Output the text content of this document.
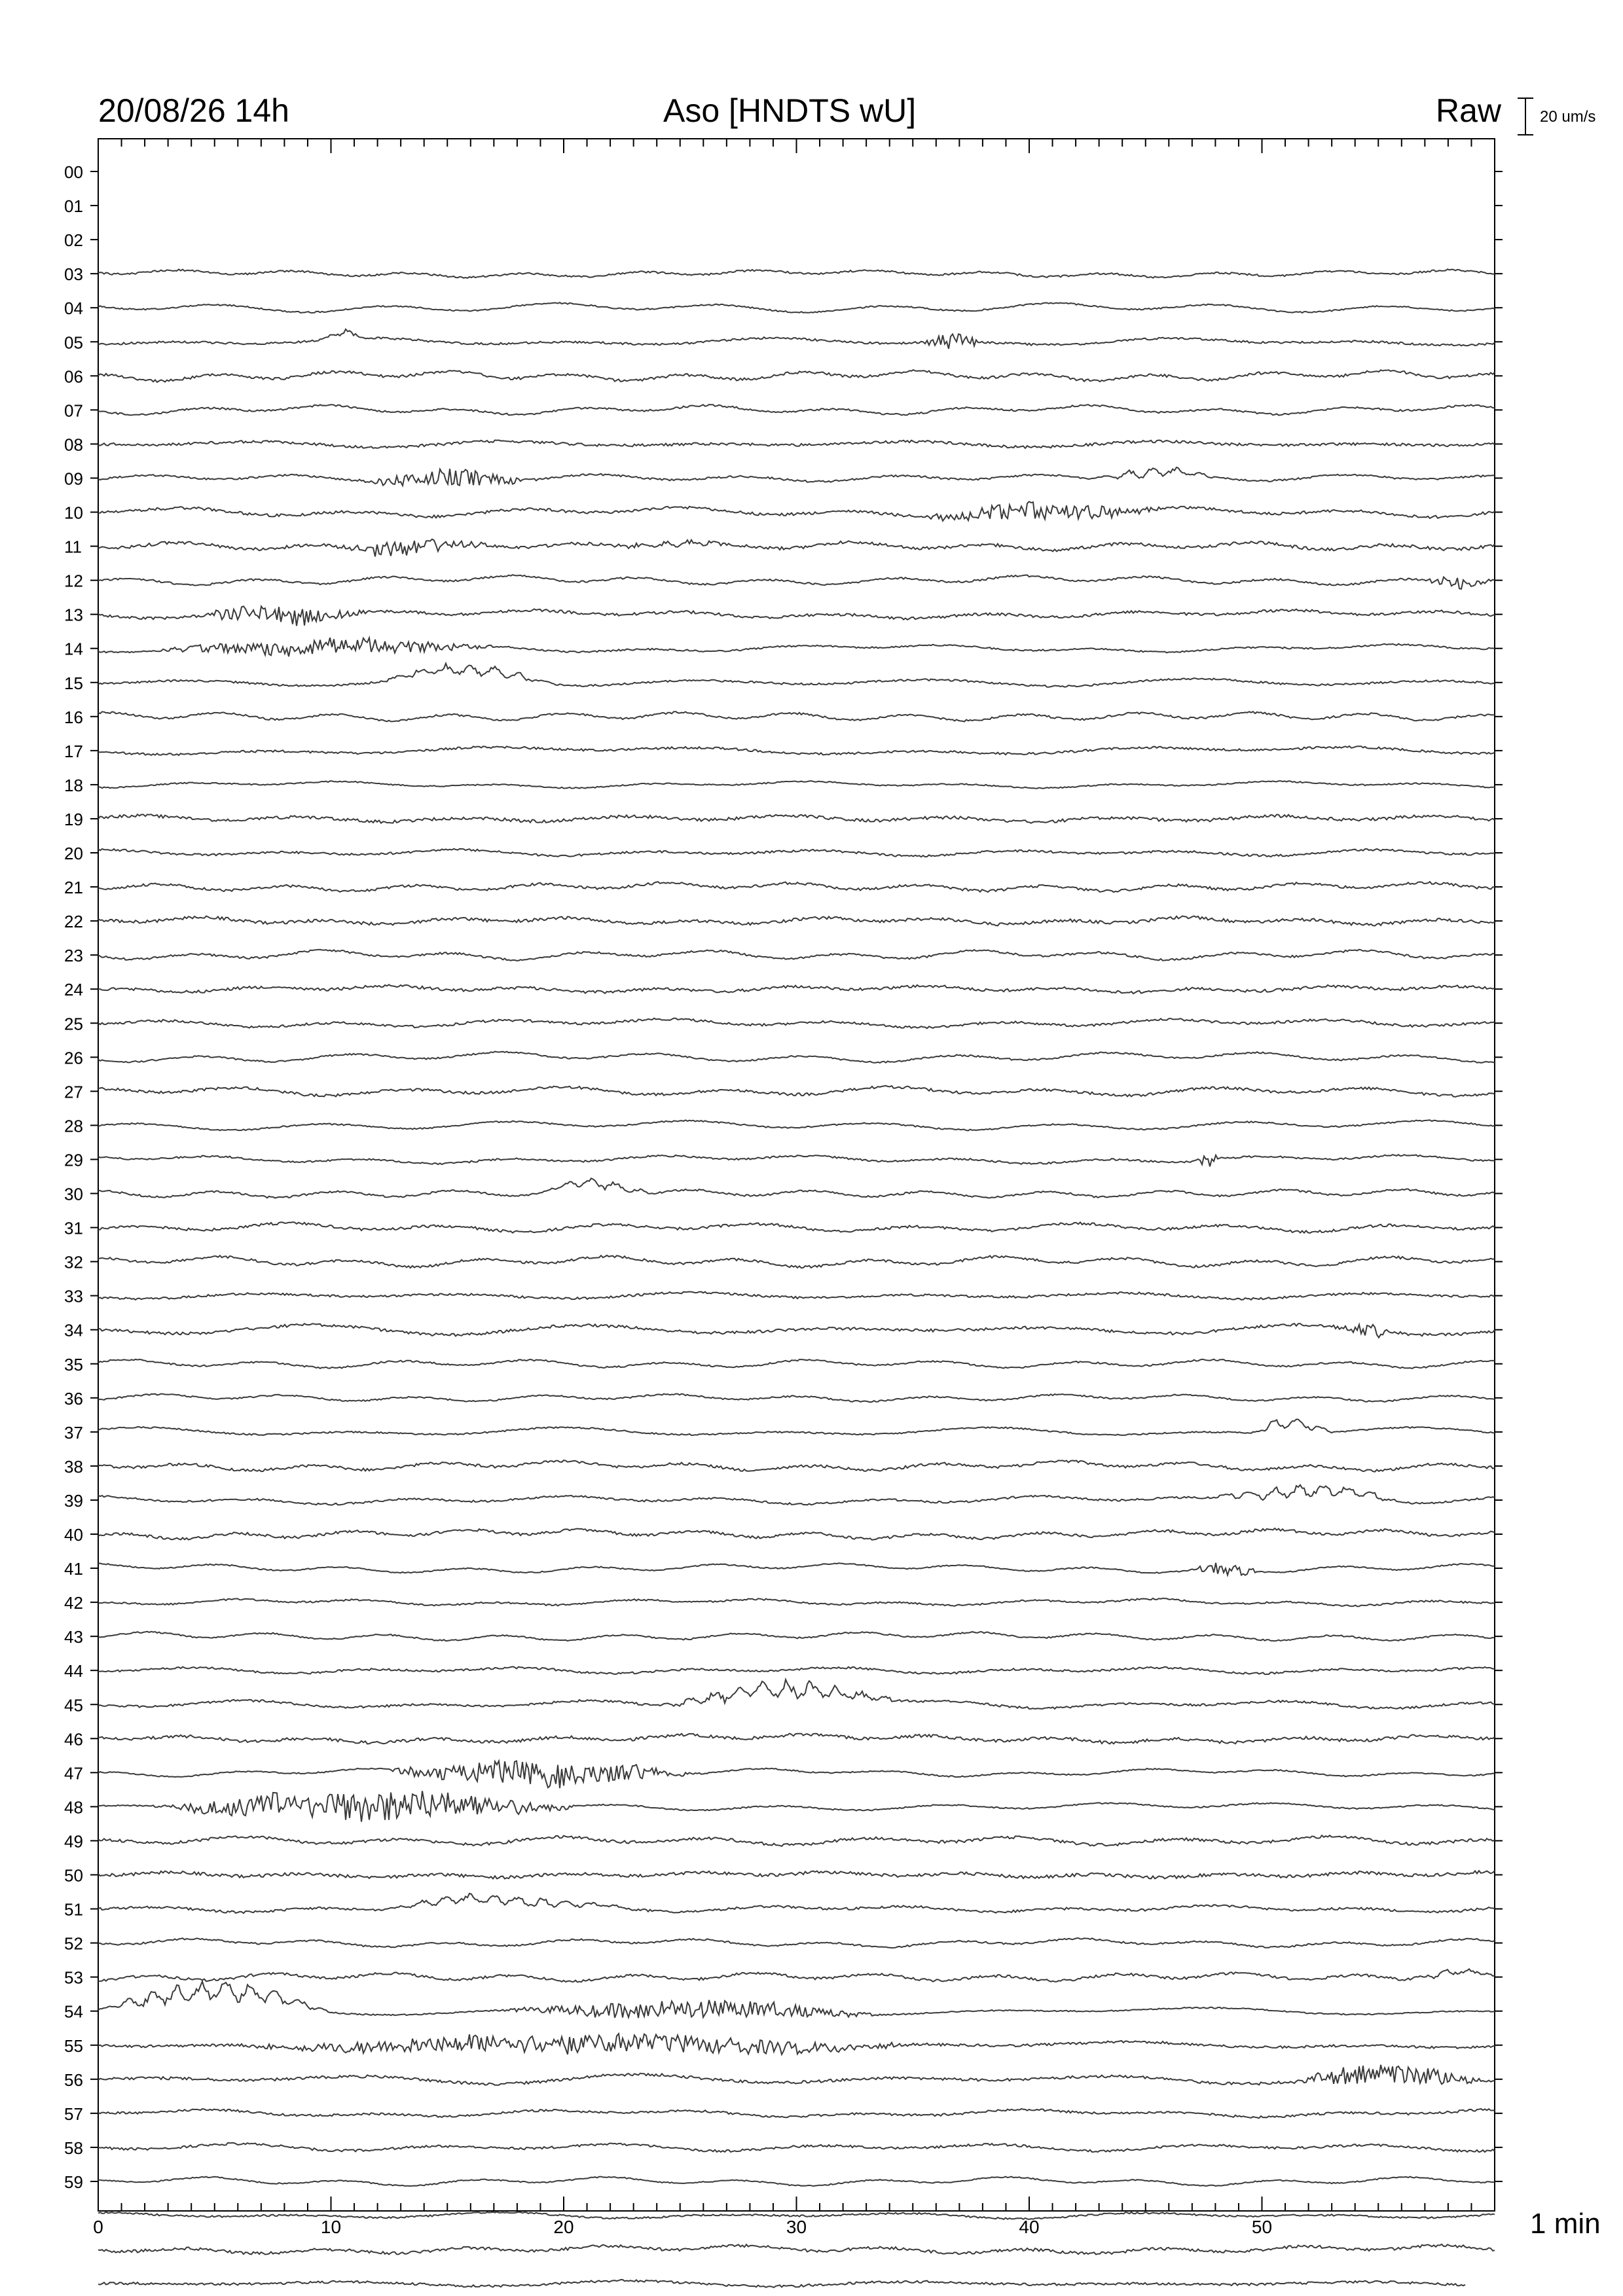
20/08/26 14h	Aso [HNDTS wU]	Raw 20 um/s
00
01
02
03
04
05
06
07
08
09
10
11
12
13
14
15
16
17
18
19
20
21
22
23
24
25
26
27
28
29
30
31
32
33
34
35
36
37
38
39
40
41
42
43
44
45
46
47
48
49
50
51
52
53
54
55
56
57
58
59
1 min
0	10	20	30	40	50
